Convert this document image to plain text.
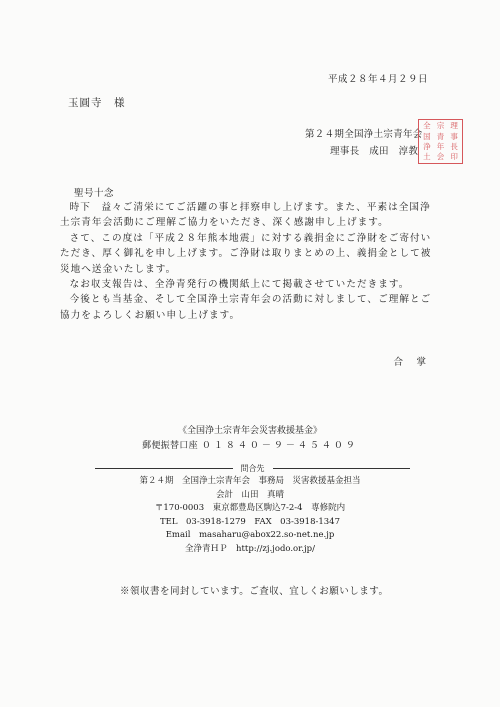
平成２８年４月２９日
玉圓寺　様
第２４期全国浄土宗青年会
理事長　成田　淳教
全
国
浄
土
宗
青
年
会
理
事
長
印
聖号十念

時下　益々ご清栄にてご活躍の事と拝察申し上げます。また、平素は全国浄土宗青年会活動にご理解ご協力をいただき、深く感謝申し上げます。

さて、この度は「平成２８年熊本地震」に対する義捐金にご浄財をご寄付いただき、厚く御礼を申し上げます。ご浄財は取りまとめの上、義捐金として被災地へ送金いたします。

なお収支報告は、全浄青発行の機関紙上にて掲載させていただきます。

今後とも当基金、そして全国浄土宗青年会の活動に対しまして、ご理解とご協力をよろしくお願い申し上げます。

合　掌
《全国浄土宗青年会災害救援基金》
郵便振替口座 ０１８４０－９－４５４０９
問合先
第２４期　全国浄土宗青年会　事務局　災害救援基金担当
会計　山田　真晴
〒170-0003　東京都豊島区駒込7-2-4　専修院内
TEL　03-3918-1279　FAX　03-3918-1347
Email　masaharu@abox22.so-net.ne.jp
全浄青ＨＰ　http://zj.jodo.or.jp/
※領収書を同封しています。ご査収、宜しくお願いします。
